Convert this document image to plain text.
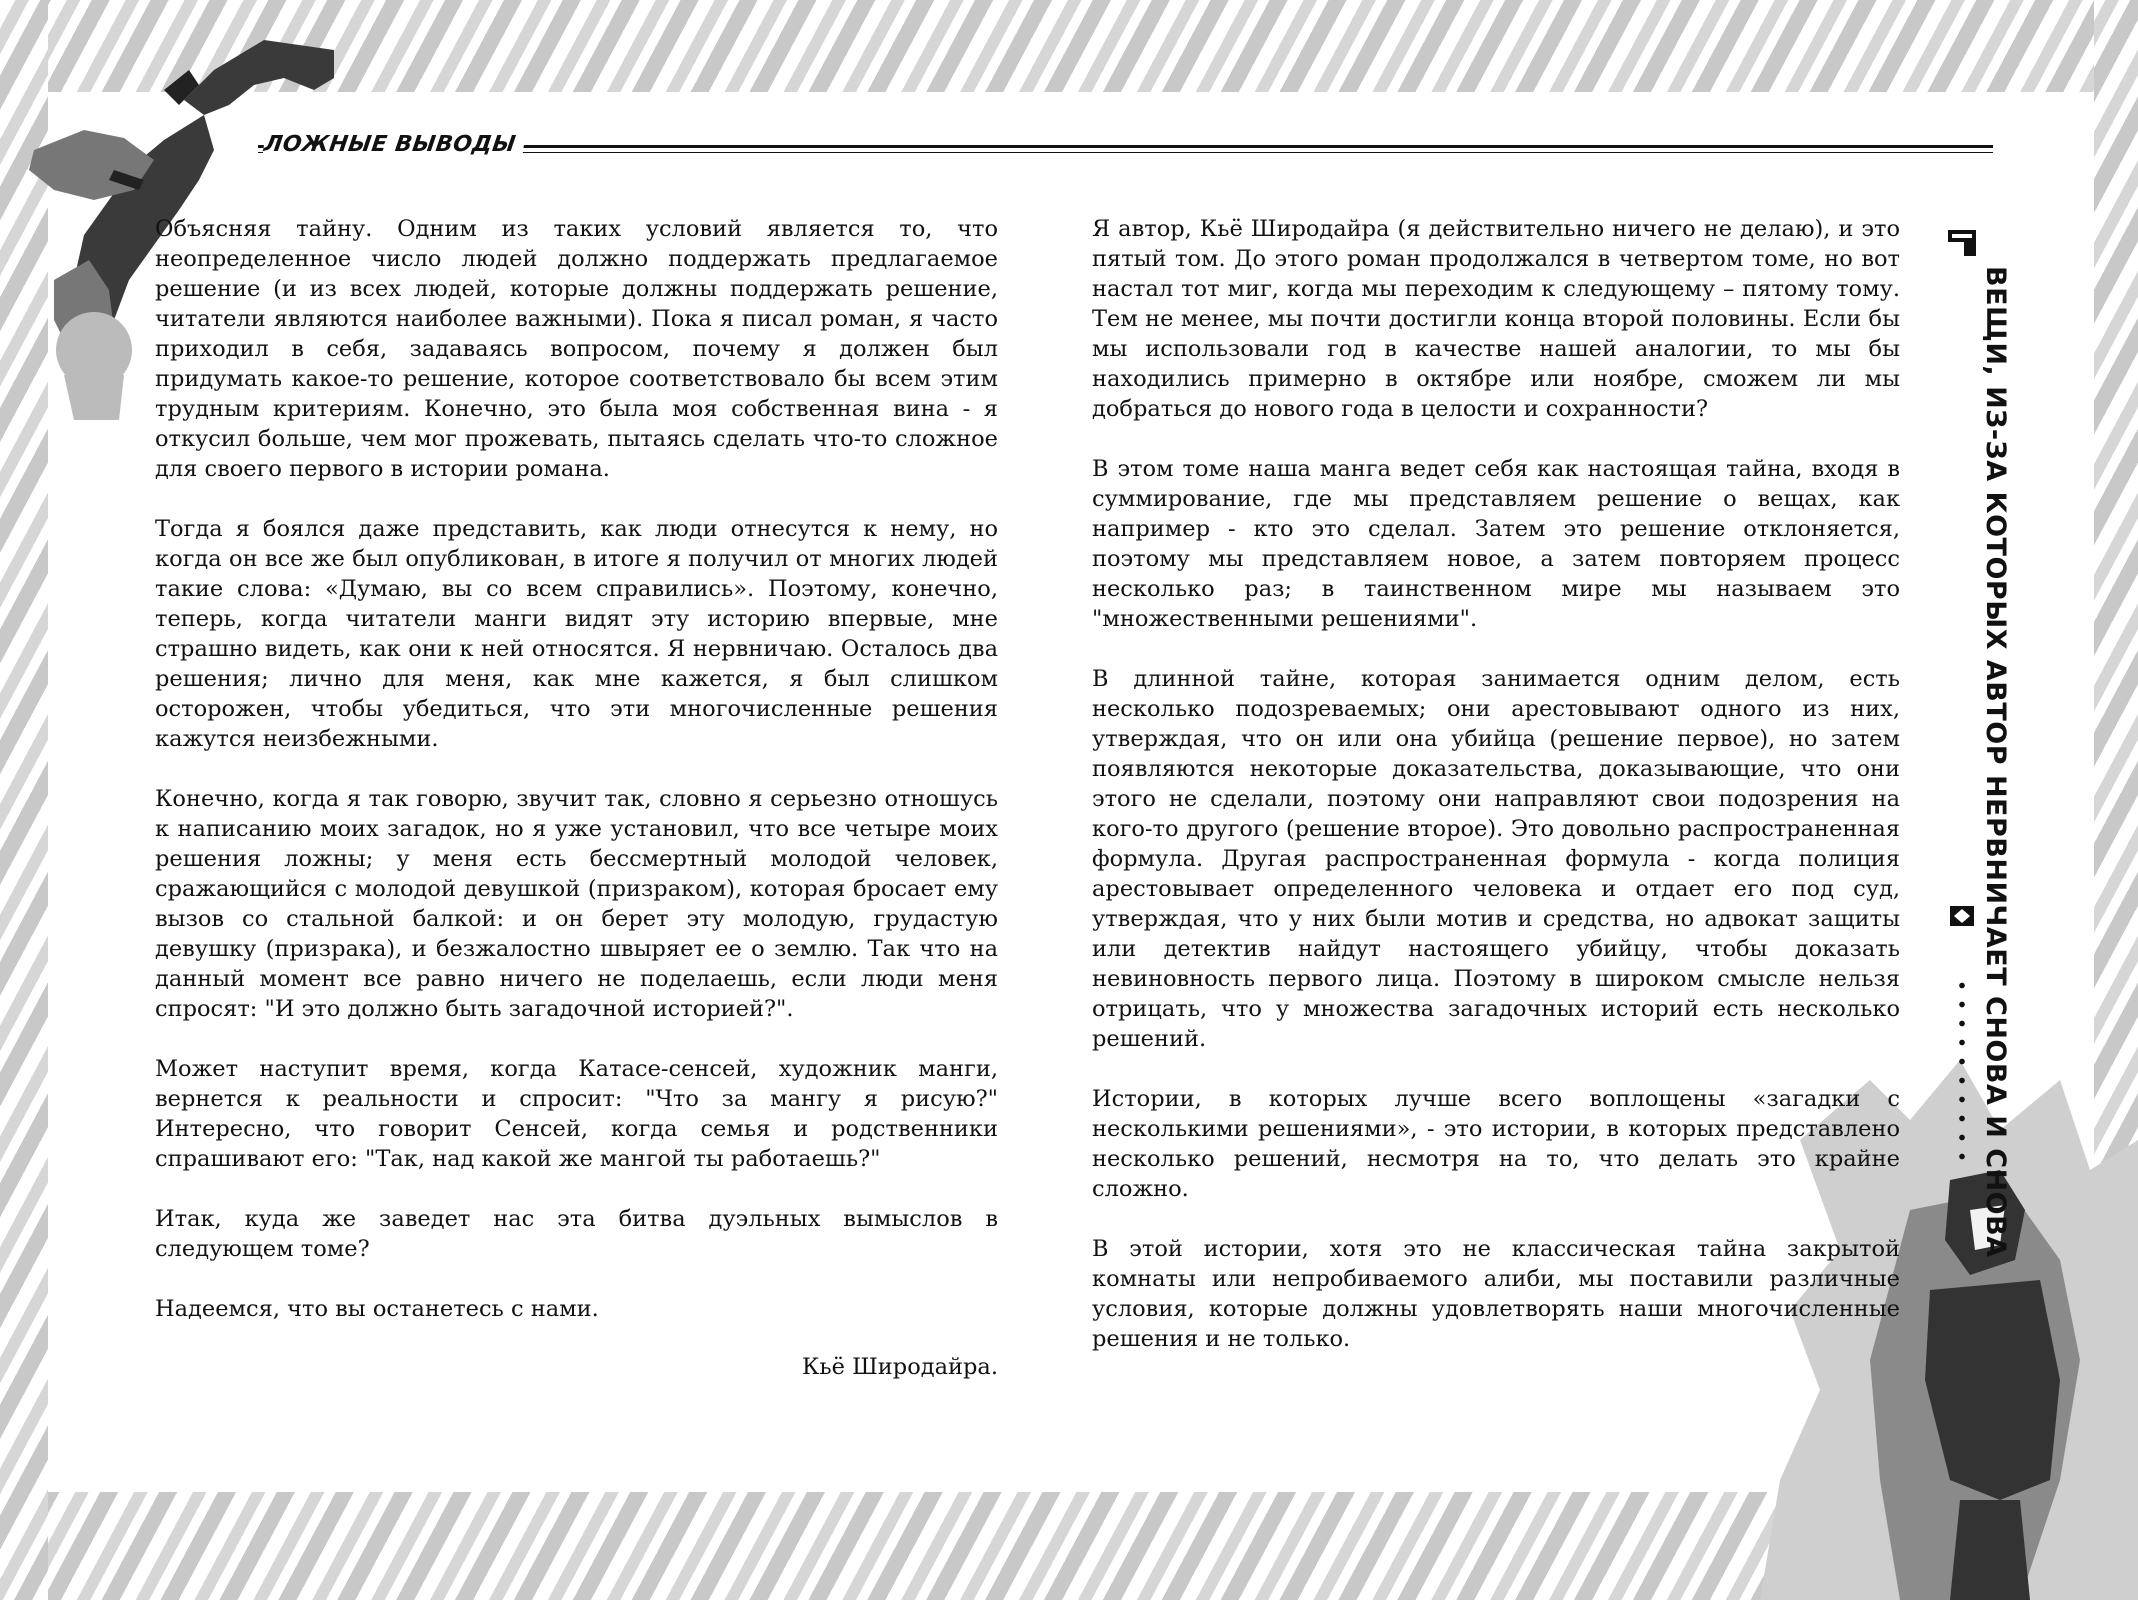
ЛОЖНЫЕ ВЫВОДЫ

Объясняя тайну. Одним из таких условий является то, что неопределенное число людей должно поддержать предлагаемое решение (и из всех людей, которые должны поддержать решение, читатели являются наиболее важными). Пока я писал роман, я часто приходил в себя, задаваясь вопросом, почему я должен был придумать какое-то решение, которое соответствовало бы всем этим трудным критериям. Конечно, это была моя собственная вина - я откусил больше, чем мог прожевать, пытаясь сделать что-то сложное для своего первого в истории романа.

Тогда я боялся даже представить, как люди отнесутся к нему, но когда он все же был опубликован, в итоге я получил от многих людей такие слова: «Думаю, вы со всем справились». Поэтому, конечно, теперь, когда читатели манги видят эту историю впервые, мне страшно видеть, как они к ней относятся. Я нервничаю. Осталось два решения; лично для меня, как мне кажется, я был слишком осторожен, чтобы убедиться, что эти многочисленные решения кажутся неизбежными.

Конечно, когда я так говорю, звучит так, словно я серьезно отношусь к написанию моих загадок, но я уже установил, что все четыре моих решения ложны; у меня есть бессмертный молодой человек, сражающийся с молодой девушкой (призраком), которая бросает ему вызов со стальной балкой: и он берет эту молодую, грудастую девушку (призрака), и безжалостно швыряет ее о землю. Так что на данный момент все равно ничего не поделаешь, если люди меня спросят: "И это должно быть загадочной историей?".

Может наступит время, когда Катасе-сенсей, художник манги, вернется к реальности и спросит: "Что за мангу я рисую?" Интересно, что говорит Сенсей, когда семья и родственники спрашивают его: "Так, над какой же мангой ты работаешь?"

Итак, куда же заведет нас эта битва дуэльных вымыслов в следующем томе?

Надеемся, что вы останетесь с нами.

Кьё Широдайра.

Я автор, Кьё Широдайра (я действительно ничего не делаю), и это пятый том. До этого роман продолжался в четвертом томе, но вот настал тот миг, когда мы переходим к следующему – пятому тому. Тем не менее, мы почти достигли конца второй половины. Если бы мы использовали год в качестве нашей аналогии, то мы бы находились примерно в октябре или ноябре, сможем ли мы добраться до нового года в целости и сохранности?

В этом томе наша манга ведет себя как настоящая тайна, входя в суммирование, где мы представляем решение о вещах, как например - кто это сделал. Затем это решение отклоняется, поэтому мы представляем новое, а затем повторяем процесс несколько раз; в таинственном мире мы называем это "множественными решениями".

В длинной тайне, которая занимается одним делом, есть несколько подозреваемых; они арестовывают одного из них, утверждая, что он или она убийца (решение первое), но затем появляются некоторые доказательства, доказывающие, что они этого не сделали, поэтому они направляют свои подозрения на кого-то другого (решение второе). Это довольно распространенная формула. Другая распространенная формула - когда полиция арестовывает определенного человека и отдает его под суд, утверждая, что у них были мотив и средства, но адвокат защиты или детектив найдут настоящего убийцу, чтобы доказать невиновность первого лица. Поэтому в широком смысле нельзя отрицать, что у множества загадочных историй есть несколько решений.

Истории, в которых лучше всего воплощены «загадки с несколькими решениями», - это истории, в которых представлено несколько решений, несмотря на то, что делать это крайне сложно.

В этой истории, хотя это не классическая тайна закрытой комнаты или непробиваемого алиби, мы поставили различные условия, которые должны удовлетворять наши многочисленные решения и не только.

ВЕЩИ, ИЗ-ЗА КОТОРЫХ АВТОР НЕРВНИЧАЕТ СНОВА И СНОВА
